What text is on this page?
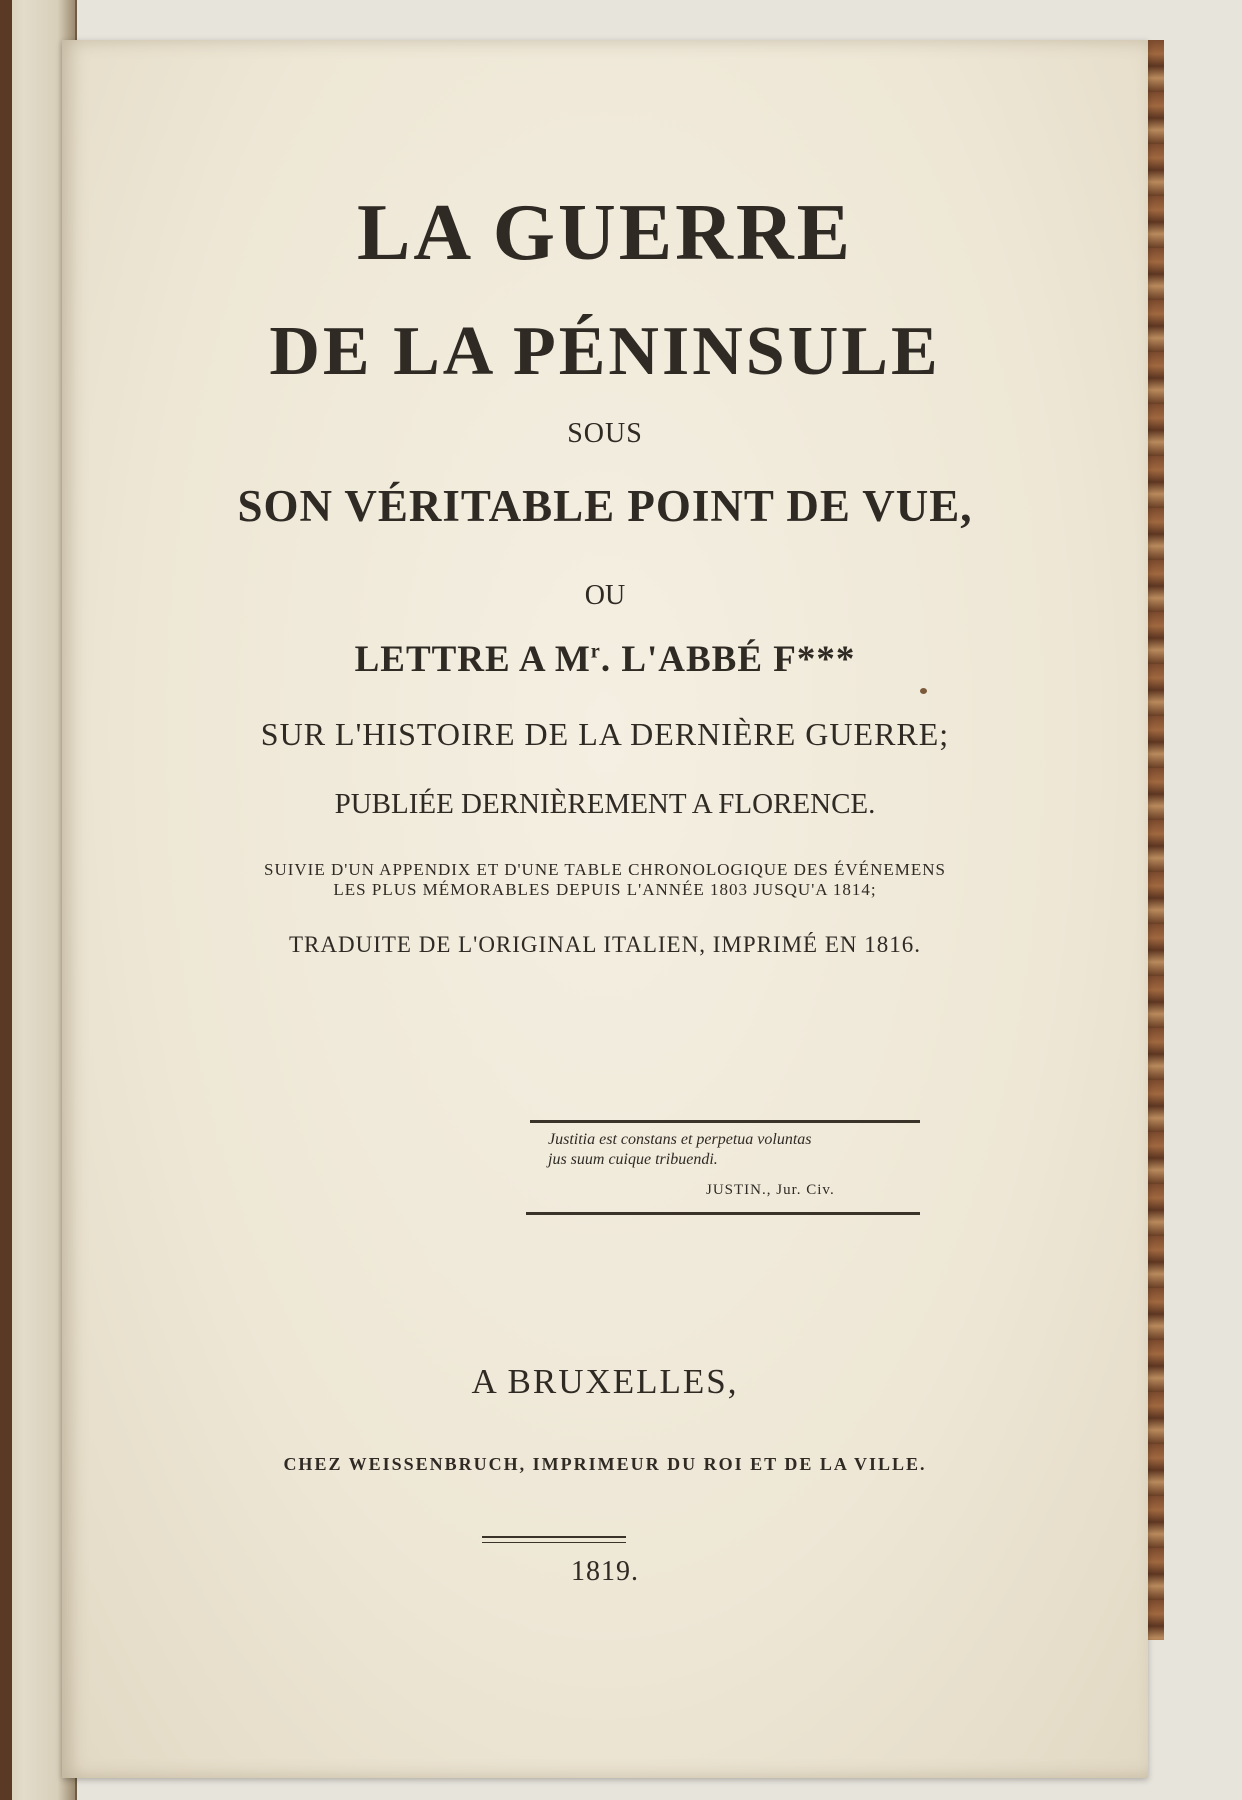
LA GUERRE
DE LA PÉNINSULE
SOUS
SON VÉRITABLE POINT DE VUE,
OU
LETTRE A $M^r$. L'ABBÉ F***
SUR L'HISTOIRE DE LA DERNIÈRE GUERRE;
PUBLIÉE DERNIÈREMENT A FLORENCE.
SUIVIE D'UN APPENDIX ET D'UNE TABLE CHRONOLOGIQUE DES ÉVÉNEMENS
LES PLUS MÉMORABLES DEPUIS L'ANNÉE 1803 JUSQU'A 1814;
TRADUITE DE L'ORIGINAL ITALIEN, IMPRIMÉ EN 1816.
Justitia est constans et perpetua voluntas
jus suum cuique tribuendi.
JUSTIN., Jur. Civ.
A BRUXELLES,
CHEZ WEISSENBRUCH, IMPRIMEUR DU ROI ET DE LA VILLE.
1819.
